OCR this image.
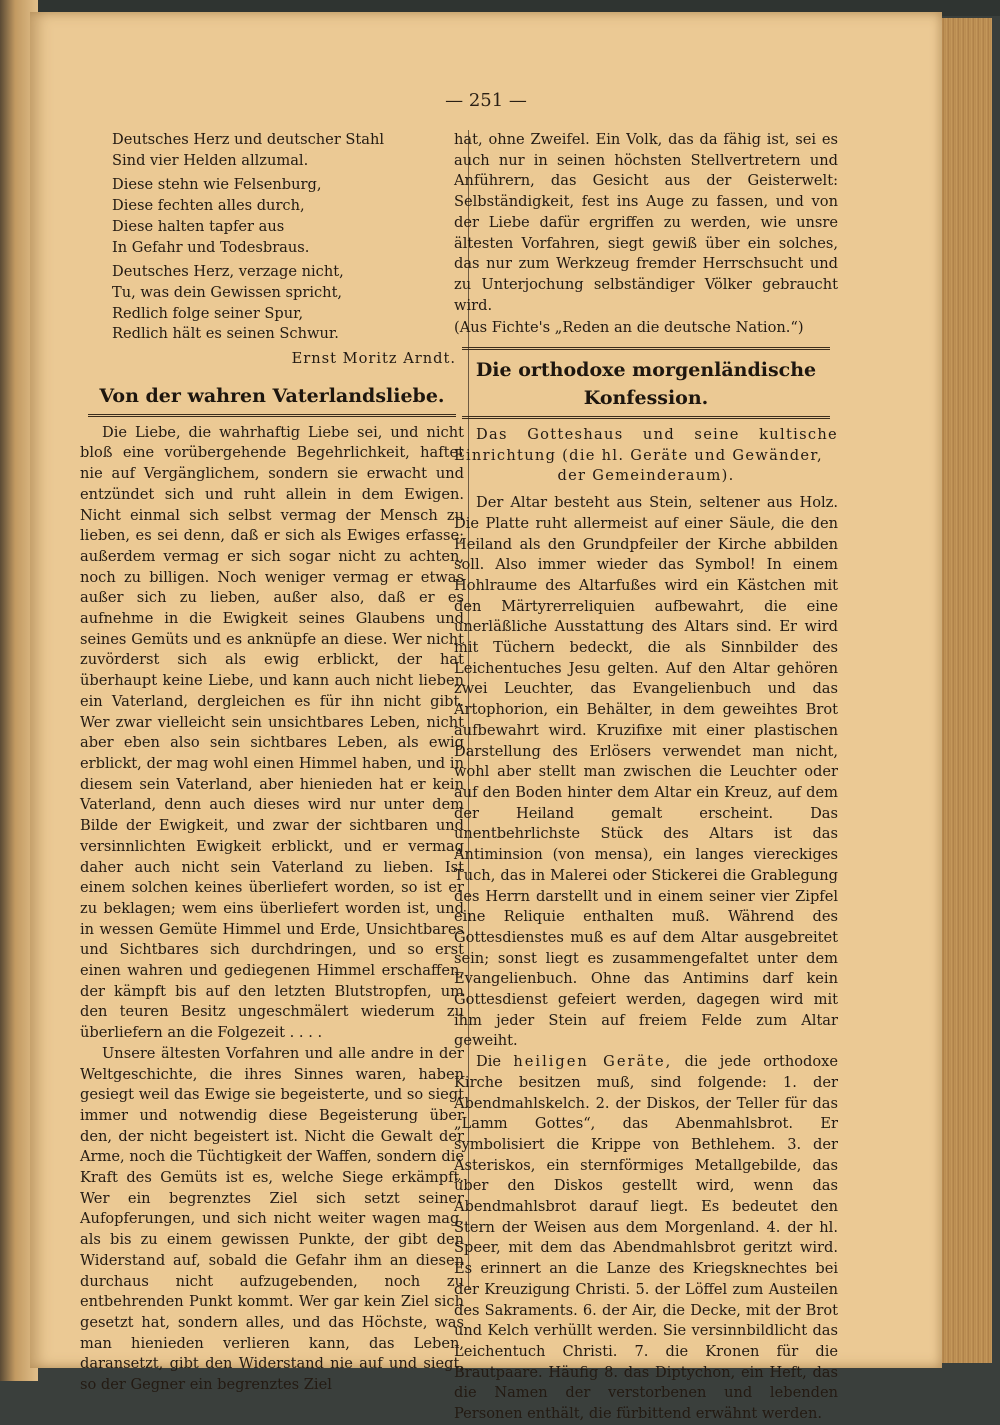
— 251 —
Deutsches Herz und deutscher Stahl
Sind vier Helden allzumal.
Diese stehn wie Felsenburg,
Diese fechten alles durch,
Diese halten tapfer aus
In Gefahr und Todesbraus.
Deutsches Herz, verzage nicht,
Tu, was dein Gewissen spricht,
Redlich folge seiner Spur,
Redlich hält es seinen Schwur.
Ernst Moritz Arndt.
Von der wahren Vaterlandsliebe.

Die Liebe, die wahrhaftig Liebe sei, und nicht bloß eine vorübergehende Begehrlichkeit, haftet nie auf Vergänglichem, sondern sie erwacht und entzündet sich und ruht allein in dem Ewigen. Nicht einmal sich selbst vermag der Mensch zu lieben, es sei denn, daß er sich als Ewiges erfasse; außerdem vermag er sich sogar nicht zu achten, noch zu billigen. Noch weniger vermag er etwas außer sich zu lieben, außer also, daß er es aufnehme in die Ewigkeit seines Glaubens und seines Gemüts und es anknüpfe an diese. Wer nicht zuvörderst sich als ewig erblickt, der hat überhaupt keine Liebe, und kann auch nicht lieben ein Vaterland, dergleichen es für ihn nicht gibt. Wer zwar vielleicht sein unsichtbares Leben, nicht aber eben also sein sichtbares Leben, als ewig erblickt, der mag wohl einen Himmel haben, und in diesem sein Vaterland, aber hienieden hat er kein Vaterland, denn auch dieses wird nur unter dem Bilde der Ewigkeit, und zwar der sichtbaren und versinnlichten Ewigkeit erblickt, und er vermag daher auch nicht sein Vaterland zu lieben. Ist einem solchen keines überliefert worden, so ist er zu beklagen; wem eins überliefert worden ist, und in wessen Gemüte Himmel und Erde, Unsichtbares und Sichtbares sich durchdringen, und so erst einen wahren und gediegenen Himmel erschaffen, der kämpft bis auf den letzten Blutstropfen, um den teuren Besitz ungeschmälert wiederum zu überliefern an die Folgezeit . . . .

Unsere ältesten Vorfahren und alle andre in der Weltgeschichte, die ihres Sinnes waren, haben gesiegt weil das Ewige sie begeisterte, und so siegt immer und notwendig diese Begeisterung über den, der nicht begeistert ist. Nicht die Gewalt der Arme, noch die Tüchtigkeit der Waffen, sondern die Kraft des Gemüts ist es, welche Siege erkämpft. Wer ein begrenztes Ziel sich setzt seiner Aufopferungen, und sich nicht weiter wagen mag, als bis zu einem gewissen Punkte, der gibt den Widerstand auf, sobald die Gefahr ihm an diesen durchaus nicht aufzugebenden, noch zu entbehrenden Punkt kommt. Wer gar kein Ziel sich gesetzt hat, sondern alles, und das Höchste, was man hienieden verlieren kann, das Leben, daransetzt, gibt den Widerstand nie auf und siegt, so der Gegner ein begrenztes Ziel

hat, ohne Zweifel. Ein Volk, das da fähig ist, sei es auch nur in seinen höchsten Stellvertretern und Anführern, das Gesicht aus der Geisterwelt: Selbständigkeit, fest ins Auge zu fassen, und von der Liebe dafür ergriffen zu werden, wie unsre ältesten Vorfahren, siegt gewiß über ein solches, das nur zum Werkzeug fremder Herrschsucht und zu Unterjochung selbständiger Völker gebraucht wird.

(Aus Fichte's „Reden an die deutsche Nation.“)

Die orthodoxe morgenländische Konfession.

Das Gotteshaus und seine kultische Einrichtung (die hl. Geräte und Gewänder,

der Gemeinderaum).

Der Altar besteht aus Stein, seltener aus Holz. Die Platte ruht allermeist auf einer Säule, die den Heiland als den Grundpfeiler der Kirche abbilden soll. Also immer wieder das Symbol! In einem Hohlraume des Altarfußes wird ein Kästchen mit den Märtyrerreliquien aufbewahrt, die eine unerläßliche Ausstattung des Altars sind. Er wird mit Tüchern bedeckt, die als Sinnbilder des Leichentuches Jesu gelten. Auf den Altar gehören zwei Leuchter, das Evangelienbuch und das Artophorion, ein Behälter, in dem geweihtes Brot aufbewahrt wird. Kruzifixe mit einer plastischen Darstellung des Erlösers verwendet man nicht, wohl aber stellt man zwischen die Leuchter oder auf den Boden hinter dem Altar ein Kreuz, auf dem der Heiland gemalt erscheint. Das unentbehrlichste Stück des Altars ist das Antiminsion (von mensa), ein langes viereckiges Tuch, das in Malerei oder Stickerei die Grablegung des Herrn darstellt und in einem seiner vier Zipfel eine Reliquie enthalten muß. Während des Gottesdienstes muß es auf dem Altar ausgebreitet sein; sonst liegt es zusammengefaltet unter dem Evangelienbuch. Ohne das Antimins darf kein Gottesdienst gefeiert werden, dagegen wird mit ihm jeder Stein auf freiem Felde zum Altar geweiht.

Die heiligen Geräte, die jede orthodoxe Kirche besitzen muß, sind folgende: 1. der Abendmahlskelch. 2. der Diskos, der Teller für das „Lamm Gottes“, das Abenmahlsbrot. Er symbolisiert die Krippe von Bethlehem. 3. der Asteriskos, ein sternförmiges Metallgebilde, das über den Diskos gestellt wird, wenn das Abendmahlsbrot darauf liegt. Es bedeutet den Stern der Weisen aus dem Morgenland. 4. der hl. Speer, mit dem das Abendmahlsbrot geritzt wird. Es erinnert an die Lanze des Kriegsknechtes bei der Kreuzigung Christi. 5. der Löffel zum Austeilen des Sakraments. 6. der Air, die Decke, mit der Brot und Kelch verhüllt werden. Sie versinnbildlicht das Leichentuch Christi. 7. die Kronen für die Brautpaare. Häufig 8. das Diptychon, ein Heft, das die Namen der verstorbenen und lebenden Personen enthält, die fürbittend erwähnt werden.
